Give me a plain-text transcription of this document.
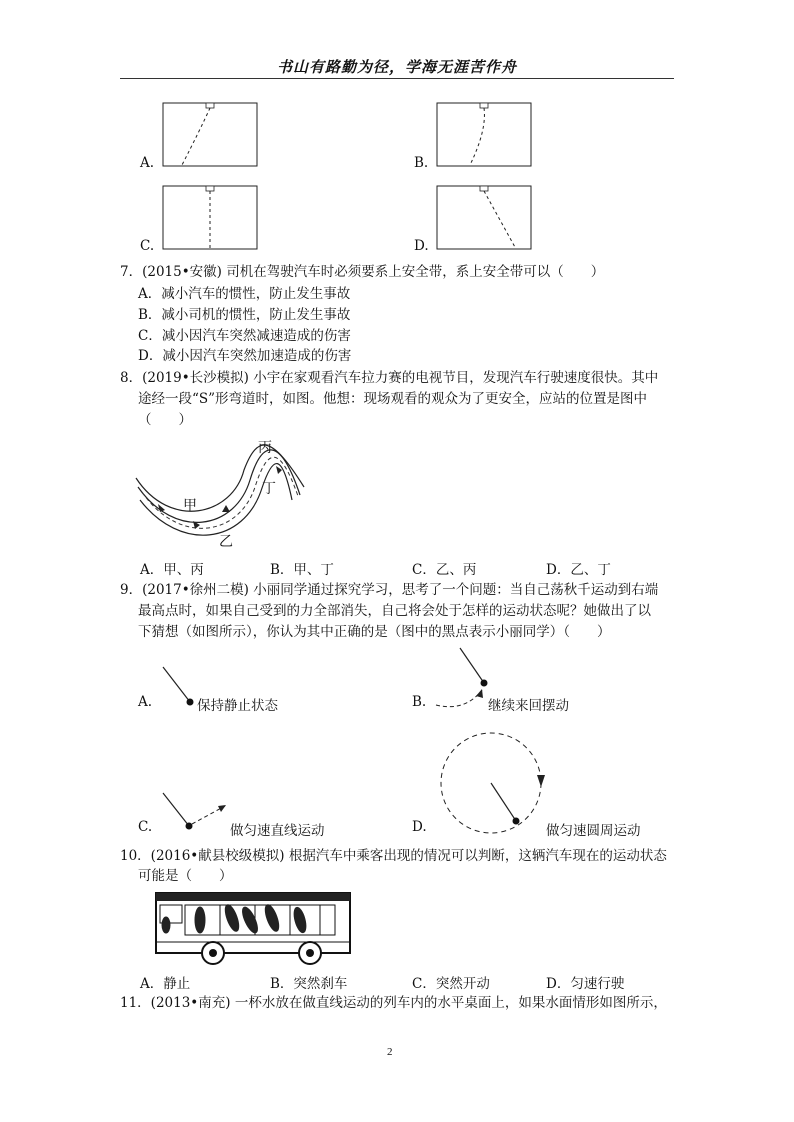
书山有路勤为径，学海无涯苦作舟
A.	B.
C.	D.
7．(2015•安徽) 司机在驾驶汽车时必须要系上安全带，系上安全带可以（　　）
A．减小汽车的惯性，防止发生事故
B．减小司机的惯性，防止发生事故
C．减小因汽车突然减速造成的伤害
D．减小因汽车突然加速造成的伤害
8．(2019•长沙模拟) 小宇在家观看汽车拉力赛的电视节目，发现汽车行驶速度很快。其中
途经一段“S”形弯道时，如图。他想：现场观看的观众为了更安全，应站的位置是图中
（　　）
丙
丁
甲
乙
A．甲、丙	B．甲、丁	C．乙、丙	D．乙、丁
9．(2017•徐州二模) 小丽同学通过探究学习，思考了一个问题：当自己荡秋千运动到右端
最高点时，如果自己受到的力全部消失，自己将会处于怎样的运动状态呢？她做出了以
下猜想（如图所示），你认为其中正确的是（图中的黑点表示小丽同学）（　　）
A.	保持静止状态	B.	继续来回摆动
C.	做匀速直线运动	D.	做匀速圆周运动
10．(2016•献县校级模拟) 根据汽车中乘客出现的情况可以判断，这辆汽车现在的运动状态
可能是（　　）
A．静止	B．突然刹车	C．突然开动	D．匀速行驶
11．(2013•南充) 一杯水放在做直线运动的列车内的水平桌面上，如果水面情形如图所示，
2
